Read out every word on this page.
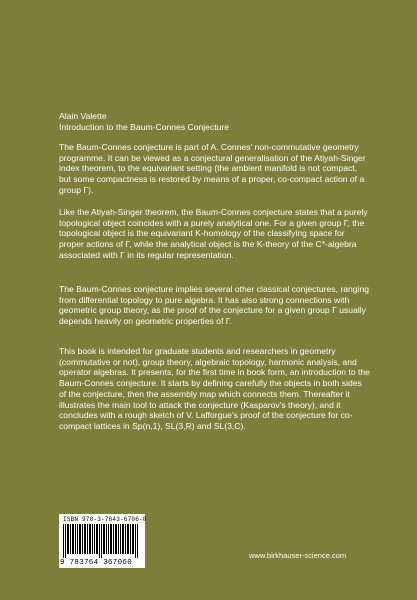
Alain Valette
Introduction to the Baum-Connes Conjecture

The Baum-Connes conjecture is part of A. Connes' non-commutative geometry programme. It can be viewed as a conjectural generalisation of the Atiyah-Singer index theorem, to the equivariant setting (the ambient manifold is not compact, but some compactness is restored by means of a proper, co-compact action of a group Γ).

Like the Atiyah-Singer theorem, the Baum-Connes conjecture states that a purely topological object coincides with a purely analytical one. For a given group Γ, the topological object is the equivariant K-homology of the classifying space for proper actions of Γ, while the analytical object is the K-theory of the C*-algebra associated with Γ in its regular representation.

The Baum-Connes conjecture implies several other classical conjectures, ranging from differential topology to pure algebra. It has also strong connections with geometric group theory, as the proof of the conjecture for a given group Γ usually depends heavily on geometric properties of Γ.

This book is intended for graduate students and researchers in geometry (commutative or not), group theory, algebraic topology, harmonic analysis, and operator algebras. It presents, for the first time in book form, an introduction to the Baum-Connes conjecture. It starts by defining carefully the objects in both sides of the conjecture, then the assembly map which connects them. Thereafter it illustrates the main tool to attack the conjecture (Kasparov's theory), and it concludes with a rough sketch of V. Lafforgue's proof of the conjecture for co-compact lattices in Sp(n,1), SL(3,R) and SL(3,C).

ISBN 978-3-7643-6706-0
9 783764 367060
www.birkhauser-science.com
